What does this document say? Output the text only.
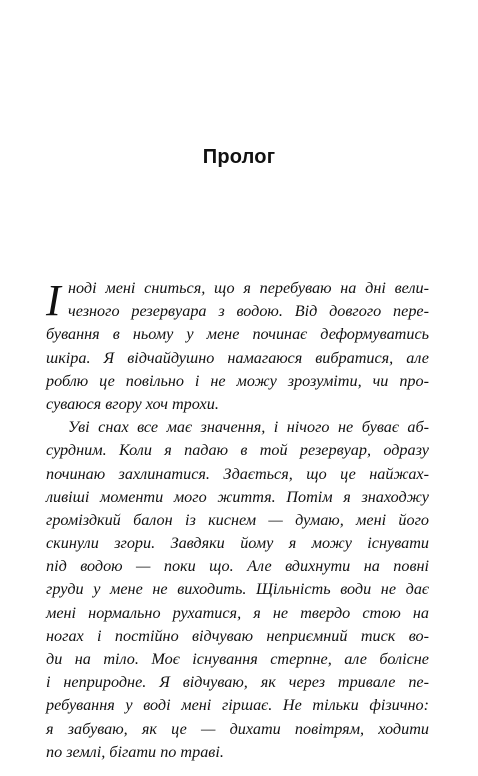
Пролог
І ноді мені сниться, що я перебуваю на дні вели-
чезного резервуара з водою. Від довгого пере-
бування в ньому у мене починає деформуватись
шкіра. Я відчайдушно намагаюся вибратися, але
роблю це повільно і не можу зрозуміти, чи про-
суваюся вгору хоч трохи.
Уві снах все має значення, і нічого не буває аб-
сурдним. Коли я падаю в той резервуар, одразу
починаю захлинатися. Здається, що це найжах-
ливіші моменти мого життя. Потім я знаходжу
громіздкий балон із киснем — думаю, мені його
скинули згори. Завдяки йому я можу існувати
під водою — поки що. Але вдихнути на повні
груди у мене не виходить. Щільність води не дає
мені нормально рухатися, я не твердо стою на
ногах і постійно відчуваю неприємний тиск во-
ди на тіло. Моє існування стерпне, але болісне
і неприродне. Я відчуваю, як через тривале пе-
ребування у воді мені гіршає. Не тільки фізично:
я забуваю, як це — дихати повітрям, ходити
по землі, бігати по траві.
